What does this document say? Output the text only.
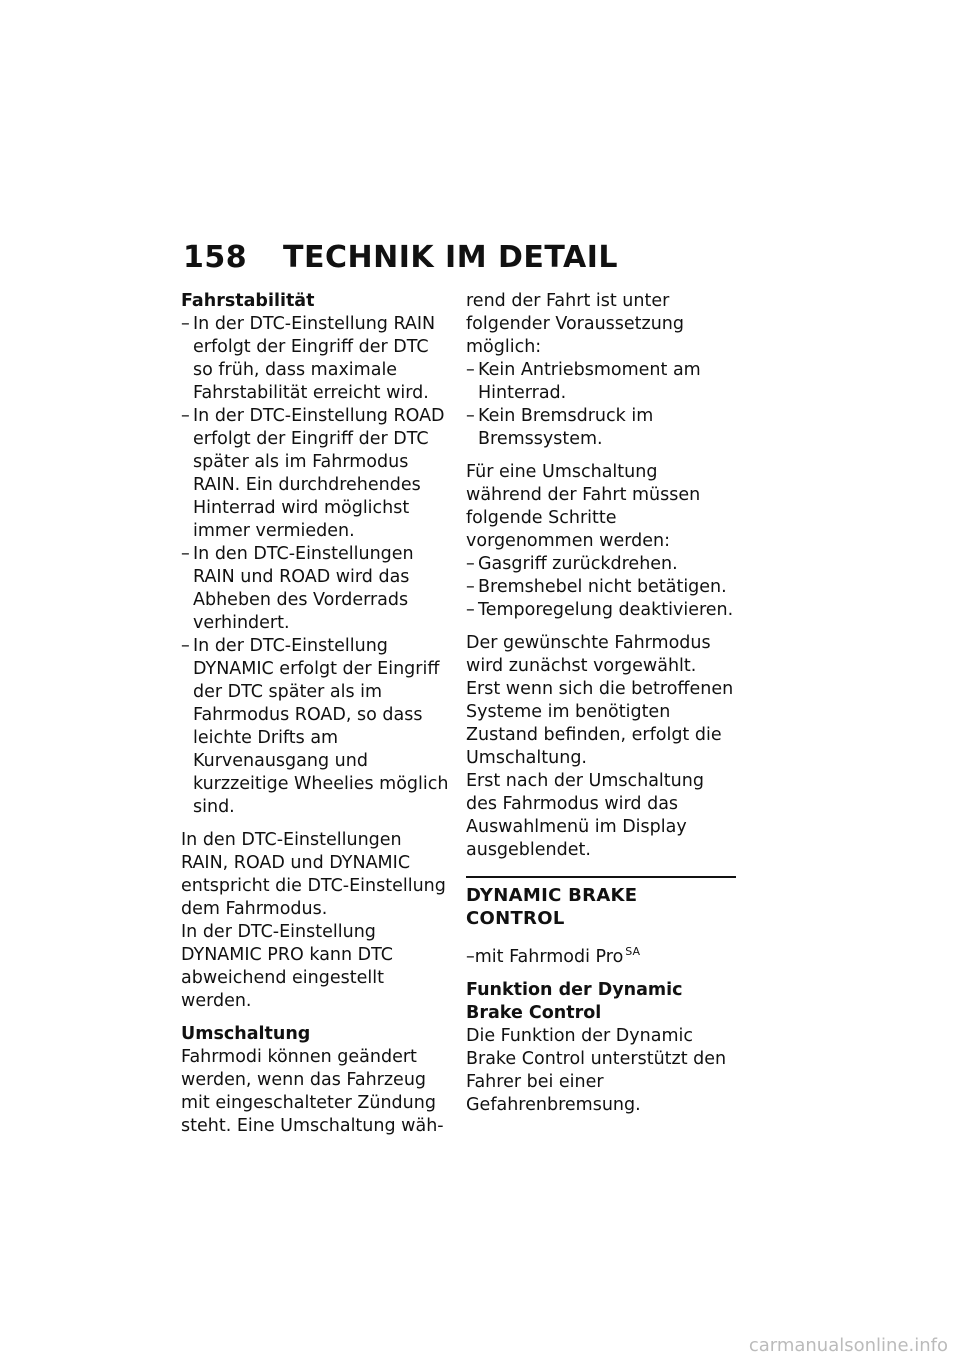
158	TECHNIK IM DETAIL
Fahrstabilität
– In der DTC-Einstellung RAIN erfolgt der Eingriff der DTC so früh, dass maximale Fahrstabilität erreicht wird.
– In der DTC-Einstellung ROAD erfolgt der Eingriff der DTC später als im Fahrmodus RAIN. Ein durchdrehendes Hinterrad wird möglichst immer vermieden.
– In den DTC-Einstellungen RAIN und ROAD wird das Abheben des Vorderrads verhindert.
– In der DTC-Einstellung DYNAMIC erfolgt der Eingriff der DTC später als im Fahrmodus ROAD, so dass leichte Drifts am Kurvenausgang und kurzzeitige Wheelies möglich sind.

In den DTC-Einstellungen RAIN, ROAD und DYNAMIC entspricht die DTC-Einstellung dem Fahrmodus.

In der DTC-Einstellung DYNAMIC PRO kann DTC abweichend eingestellt werden.

Umschaltung

Fahrmodi können geändert werden, wenn das Fahrzeug mit eingeschalteter Zündung steht. Eine Umschaltung wäh-

rend der Fahrt ist unter folgender Voraussetzung möglich:

– Kein Antriebsmoment am Hinterrad.
– Kein Bremsdruck im Bremssystem.

Für eine Umschaltung während der Fahrt müssen folgende Schritte vorgenommen werden:

– Gasgriff zurückdrehen.
– Bremshebel nicht betätigen.
– Temporegelung deaktivieren.

Der gewünschte Fahrmodus wird zunächst vorgewählt. Erst wenn sich die betroffenen Systeme im benötigten Zustand befinden, erfolgt die Umschaltung.

Erst nach der Umschaltung des Fahrmodus wird das Auswahlmenü im Display ausgeblendet.

DYNAMIC BRAKE CONTROL

–mit Fahrmodi Pro $^{SA}$

Funktion der Dynamic Brake Control

Die Funktion der Dynamic Brake Control unterstützt den Fahrer bei einer Gefahrenbremsung.

carmanualsonline.info
